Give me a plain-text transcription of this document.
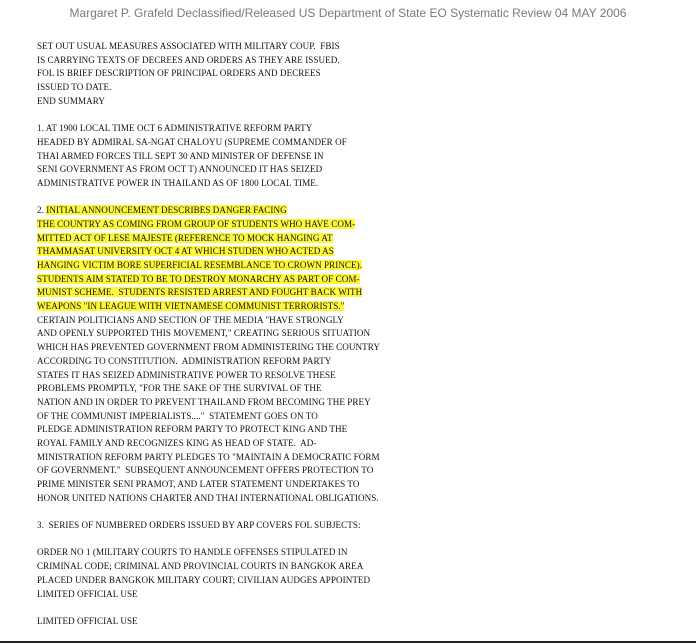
Margaret P. Grafeld Declassified/Released US Department of State EO Systematic Review 04 MAY 2006
SET OUT USUAL MEASURES ASSOCIATED WITH MILITARY COUP.  FBIS
IS CARRYING TEXTS OF DECREES AND ORDERS AS THEY ARE ISSUED.
FOL IS BRIEF DESCRIPTION OF PRINCIPAL ORDERS AND DECREES
ISSUED TO DATE.
END SUMMARY
1. AT 1900 LOCAL TIME OCT 6 ADMINISTRATIVE REFORM PARTY
HEADED BY ADMIRAL SA-NGAT CHALOYU (SUPREME COMMANDER OF
THAI ARMED FORCES TILL SEPT 30 AND MINISTER OF DEFENSE IN
SENI GOVERNMENT AS FROM OCT T) ANNOUNCED IT HAS SEIZED
ADMINISTRATIVE POWER IN THAILAND AS OF 1800 LOCAL TIME.
2. INITIAL ANNOUNCEMENT DESCRIBES DANGER FACING
THE COUNTRY AS COMING FROM GROUP OF STUDENTS WHO HAVE COM-
MITTED ACT OF LESE MAJESTE (REFERENCE TO MOCK HANGING AT
THAMMASAT UNIVERSITY OCT 4 AT WHICH STUDEN WHO ACTED AS
HANGING VICTIM BORE SUPERFICIAL RESEMBLANCE TO CROWN PRINCE).
STUDENTS AIM STATED TO BE TO DESTROY MONARCHY AS PART OF COM-
MUNIST SCHEME.  STUDENTS RESISTED ARREST AND FOUGHT BACK WITH
WEAPONS "IN LEAGUE WITH VIETNAMESE COMMUNIST TERRORISTS."
CERTAIN POLITICIANS AND SECTION OF THE MEDIA "HAVE STRONGLY
AND OPENLY SUPPORTED THIS MOVEMENT," CREATING SERIOUS SITUATION
WHICH HAS PREVENTED GOVERNMENT FROM ADMINISTERING THE COUNTRY
ACCORDING TO CONSTITUTION.  ADMINISTRATION REFORM PARTY
STATES IT HAS SEIZED ADMINISTRATIVE POWER TO RESOLVE THESE
PROBLEMS PROMPTLY, "FOR THE SAKE OF THE SURVIVAL OF THE
NATION AND IN ORDER TO PREVENT THAILAND FROM BECOMING THE PREY
OF THE COMMUNIST IMPERIALISTS...."  STATEMENT GOES ON TO
PLEDGE ADMINISTRATION REFORM PARTY TO PROTECT KING AND THE
ROYAL FAMILY AND RECOGNIZES KING AS HEAD OF STATE.  AD-
MINISTRATION REFORM PARTY PLEDGES TO "MAINTAIN A DEMOCRATIC FORM
OF GOVERNMENT."  SUBSEQUENT ANNOUNCEMENT OFFERS PROTECTION TO
PRIME MINISTER SENI PRAMOT, AND LATER STATEMENT UNDERTAKES TO
HONOR UNITED NATIONS CHARTER AND THAI INTERNATIONAL OBLIGATIONS.
3.  SERIES OF NUMBERED ORDERS ISSUED BY ARP COVERS FOL SUBJECTS:
ORDER NO 1 (MILITARY COURTS TO HANDLE OFFENSES STIPULATED IN
CRIMINAL CODE; CRIMINAL AND PROVINCIAL COURTS IN BANGKOK AREA
PLACED UNDER BANGKOK MILITARY COURT; CIVILIAN AUDGES APPOINTED
LIMITED OFFICIAL USE
LIMITED OFFICIAL USE
